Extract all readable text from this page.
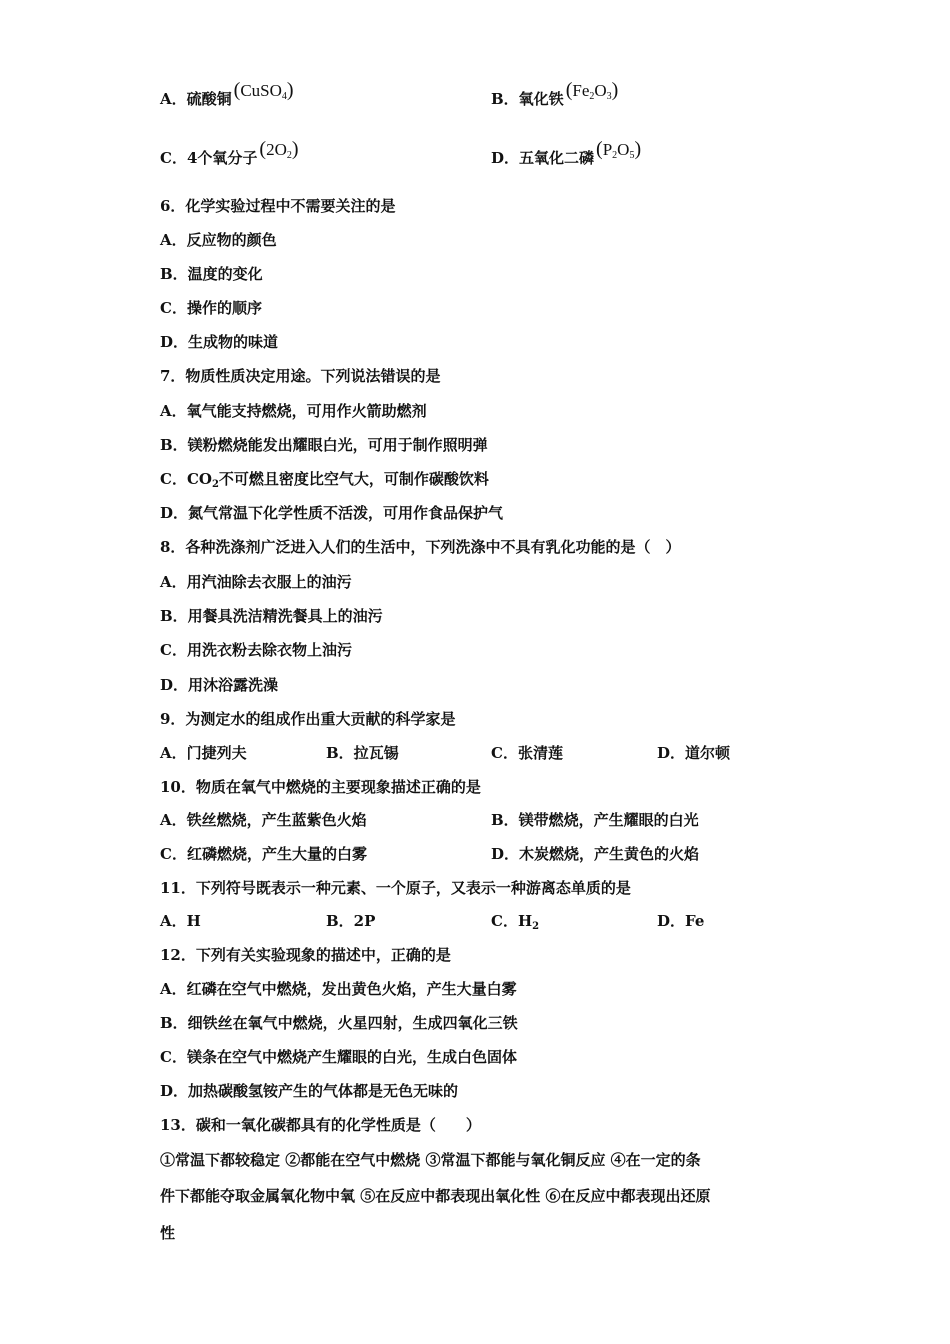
A．硫酸铜 (CuSO$_4$)	B．氧化铁 $(Fe_2O_3)$
C．4个氧分子 $(2O_2)$	D．五氧化二磷 $(P_2O_5)$
6．化学实验过程中不需要关注的是
A．反应物的颜色
B．温度的变化
C．操作的顺序
D．生成物的味道
7．物质性质决定用途。下列说法错误的是
A．氧气能支持燃烧，可用作火箭助燃剂
B．镁粉燃烧能发出耀眼白光，可用于制作照明弹
C．$CO_2$不可燃且密度比空气大，可制作碳酸饮料
D．氮气常温下化学性质不活泼，可用作食品保护气
8．各种洗涤剂广泛进入人们的生活中，下列洗涤中不具有乳化功能的是（　）
A．用汽油除去衣服上的油污
B．用餐具洗洁精洗餐具上的油污
C．用洗衣粉去除衣物上油污
D．用沐浴露洗澡
9．为测定水的组成作出重大贡献的科学家是
A．门捷列夫	B．拉瓦锡	C．张清莲	D．道尔顿
10．物质在氧气中燃烧的主要现象描述正确的是
A．铁丝燃烧，产生蓝紫色火焰	B．镁带燃烧，产生耀眼的白光
C．红磷燃烧，产生大量的白雾	D．木炭燃烧，产生黄色的火焰
11．下列符号既表示一种元素、一个原子，又表示一种游离态单质的是
A．H	B．2P	C．$H_2$	D．Fe
12．下列有关实验现象的描述中，正确的是
A．红磷在空气中燃烧，发出黄色火焰，产生大量白雾
B．细铁丝在氧气中燃烧，火星四射，生成四氧化三铁
C．镁条在空气中燃烧产生耀眼的白光，生成白色固体
D．加热碳酸氢铵产生的气体都是无色无味的
13．碳和一氧化碳都具有的化学性质是（　　）
①常温下都较稳定 ②都能在空气中燃烧 ③常温下都能与氧化铜反应 ④在一定的条
件下都能夺取金属氧化物中氧 ⑤在反应中都表现出氧化性 ⑥在反应中都表现出还原
性
